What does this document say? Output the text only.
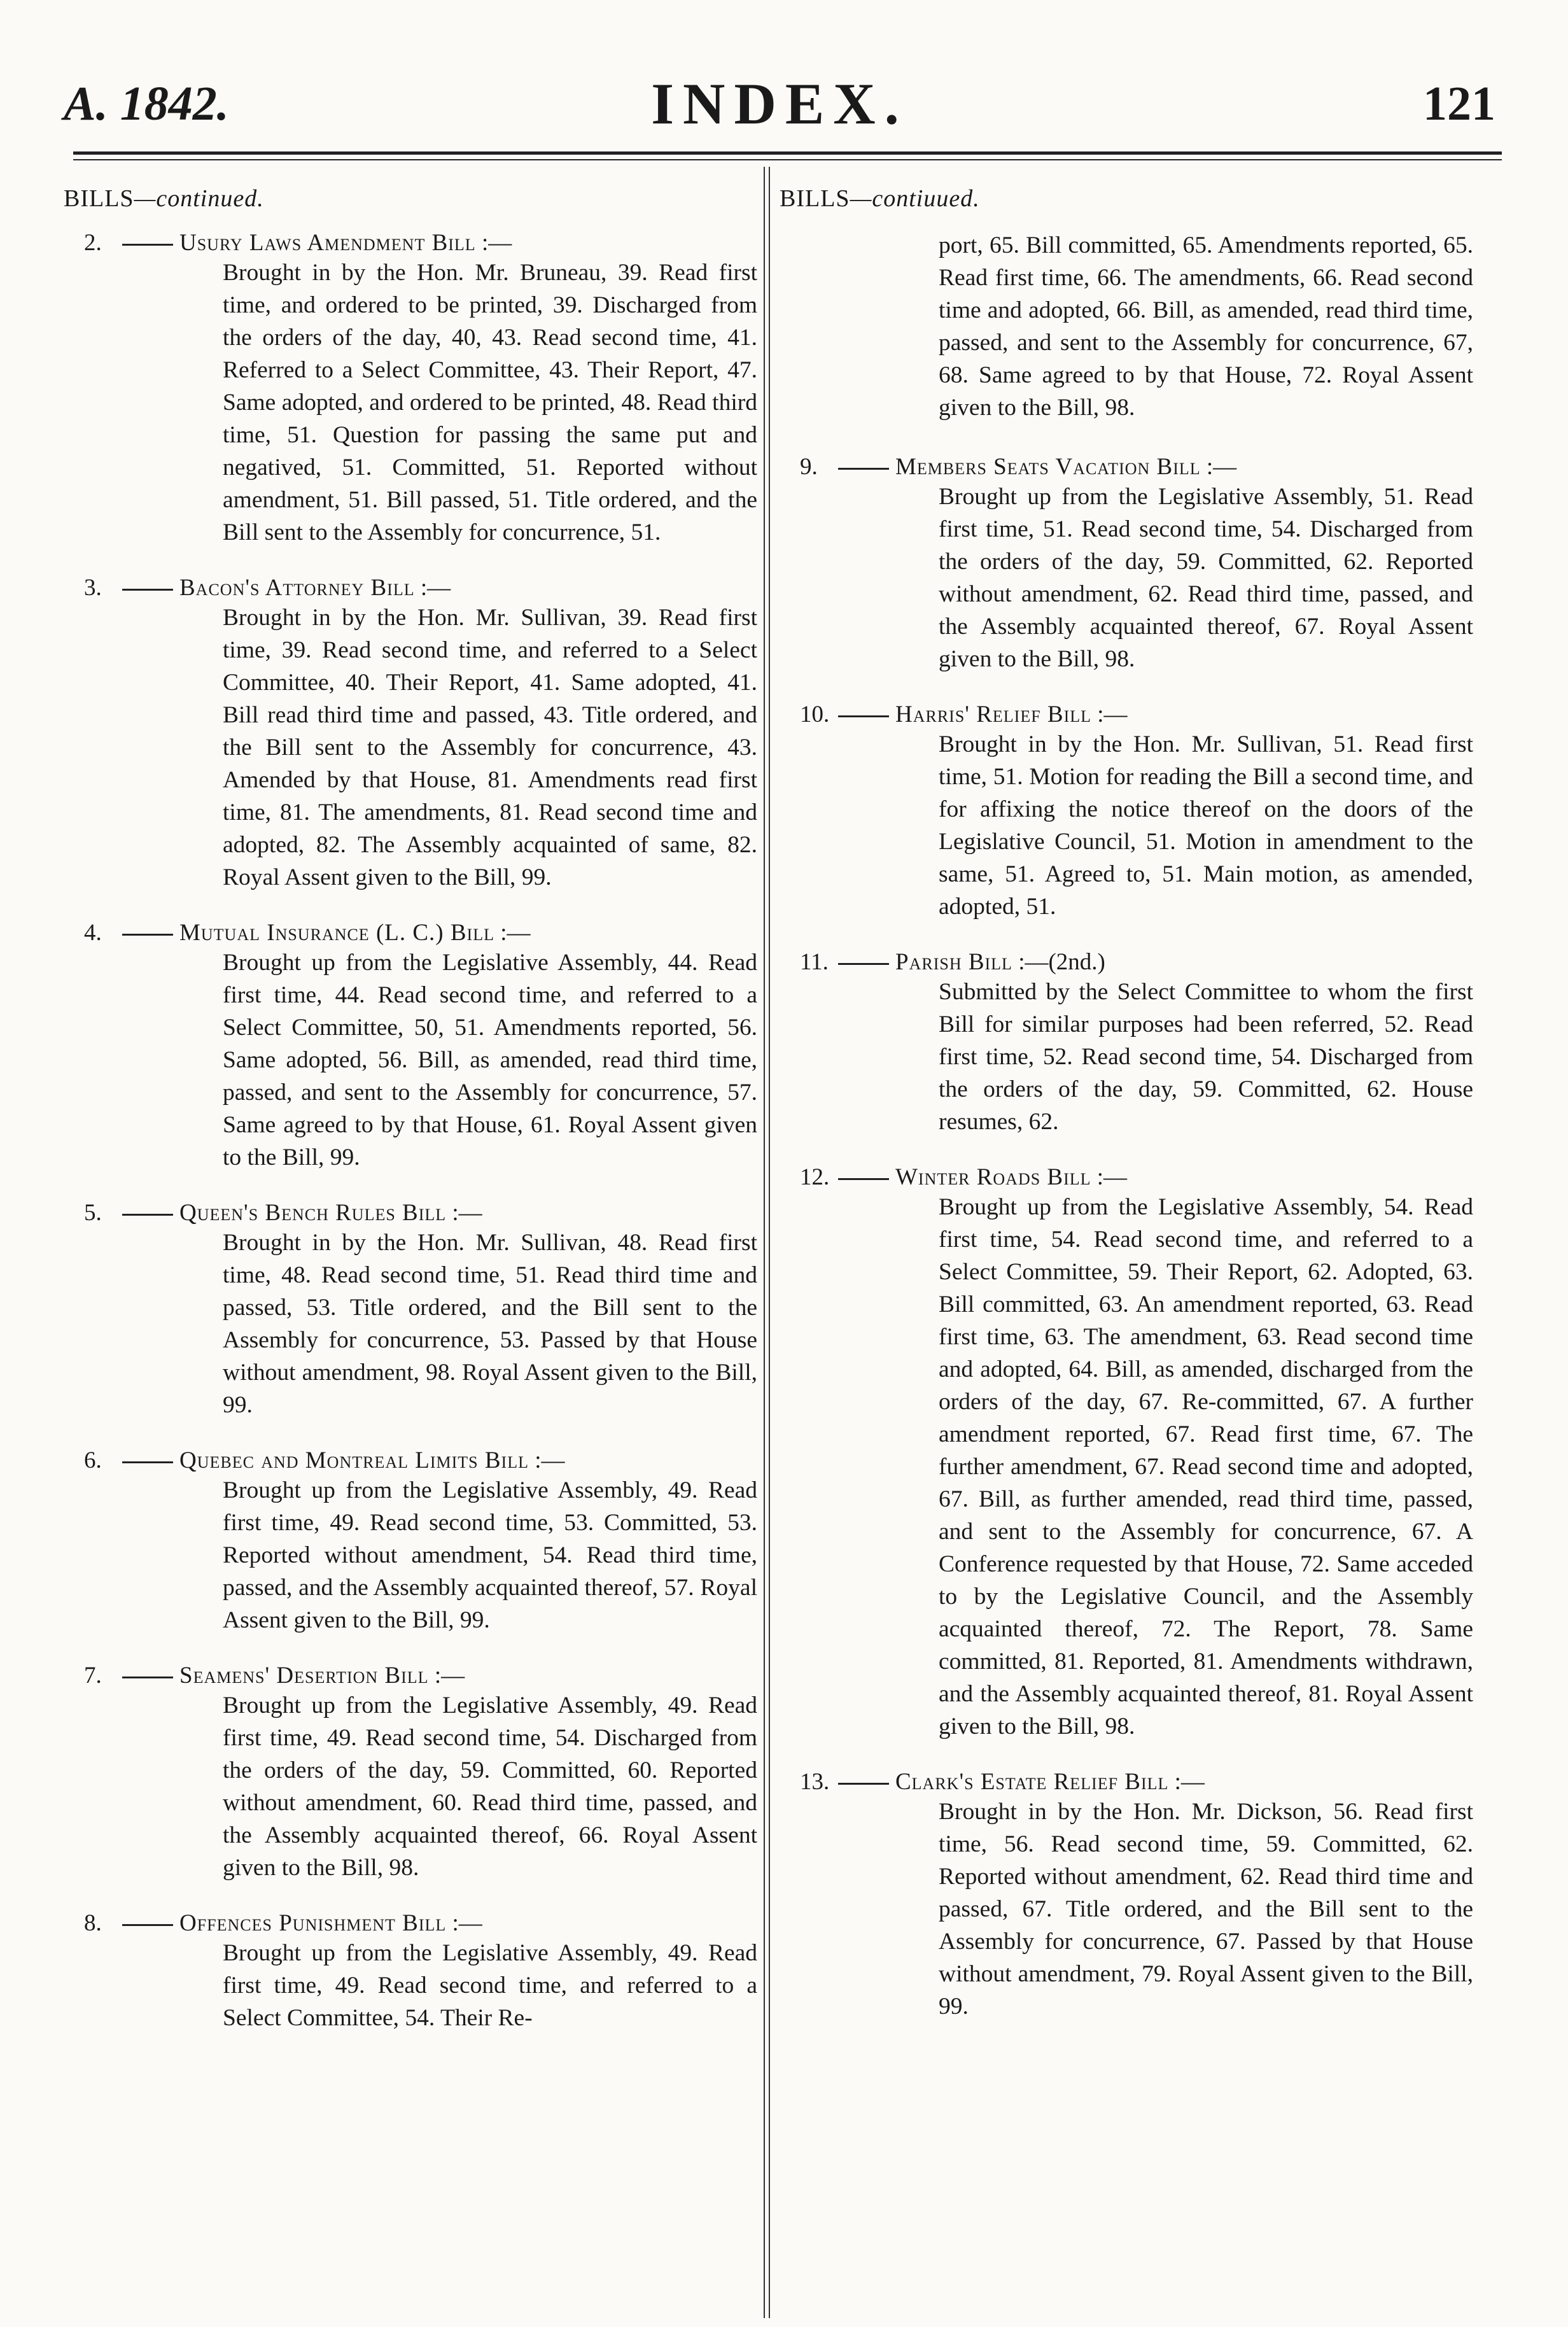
A. 1842.	INDEX.	121
BILLS—continued.
2.	Usury Laws Amendment Bill :—
Brought in by the Hon. Mr. Bruneau, 39. Read first time, and ordered to be printed, 39. Discharged from the orders of the day, 40, 43. Read second time, 41. Referred to a Select Committee, 43. Their Report, 47. Same adopted, and ordered to be printed, 48. Read third time, 51. Question for passing the same put and negatived, 51. Committed, 51. Reported without amendment, 51. Bill passed, 51. Title ordered, and the Bill sent to the Assembly for concurrence, 51.
3.	Bacon's Attorney Bill :—
Brought in by the Hon. Mr. Sullivan, 39. Read first time, 39. Read second time, and referred to a Select Committee, 40. Their Report, 41. Same adopted, 41. Bill read third time and passed, 43. Title ordered, and the Bill sent to the Assembly for concurrence, 43. Amended by that House, 81. Amendments read first time, 81. The amendments, 81. Read second time and adopted, 82. The Assembly acquainted of same, 82. Royal Assent given to the Bill, 99.
4.	Mutual Insurance (L. C.) Bill :—
Brought up from the Legislative Assembly, 44. Read first time, 44. Read second time, and referred to a Select Committee, 50, 51. Amendments reported, 56. Same adopted, 56. Bill, as amended, read third time, passed, and sent to the Assembly for concurrence, 57. Same agreed to by that House, 61. Royal Assent given to the Bill, 99.
5.	Queen's Bench Rules Bill :—
Brought in by the Hon. Mr. Sullivan, 48. Read first time, 48. Read second time, 51. Read third time and passed, 53. Title ordered, and the Bill sent to the Assembly for concurrence, 53. Passed by that House without amendment, 98. Royal Assent given to the Bill, 99.
6.	Quebec and Montreal Limits Bill :—
Brought up from the Legislative Assembly, 49. Read first time, 49. Read second time, 53. Committed, 53. Reported without amendment, 54. Read third time, passed, and the Assembly acquainted thereof, 57. Royal Assent given to the Bill, 99.
7.	Seamens' Desertion Bill :—
Brought up from the Legislative Assembly, 49. Read first time, 49. Read second time, 54. Discharged from the orders of the day, 59. Committed, 60. Reported without amendment, 60. Read third time, passed, and the Assembly acquainted thereof, 66. Royal Assent given to the Bill, 98.
8.	Offences Punishment Bill :—
Brought up from the Legislative Assembly, 49. Read first time, 49. Read second time, and referred to a Select Committee, 54. Their Re-
BILLS—contiuued.
port, 65. Bill committed, 65. Amendments reported, 65. Read first time, 66. The amendments, 66. Read second time and adopted, 66. Bill, as amended, read third time, passed, and sent to the Assembly for concurrence, 67, 68. Same agreed to by that House, 72. Royal Assent given to the Bill, 98.
9.	Members Seats Vacation Bill :—
Brought up from the Legislative Assembly, 51. Read first time, 51. Read second time, 54. Discharged from the orders of the day, 59. Committed, 62. Reported without amendment, 62. Read third time, passed, and the Assembly acquainted thereof, 67. Royal Assent given to the Bill, 98.
10.	Harris' Relief Bill :—
Brought in by the Hon. Mr. Sullivan, 51. Read first time, 51. Motion for reading the Bill a second time, and for affixing the notice thereof on the doors of the Legislative Council, 51. Motion in amendment to the same, 51. Agreed to, 51. Main motion, as amended, adopted, 51.
11.	Parish Bill :—(2nd.)
Submitted by the Select Committee to whom the first Bill for similar purposes had been referred, 52. Read first time, 52. Read second time, 54. Discharged from the orders of the day, 59. Committed, 62. House resumes, 62.
12.	Winter Roads Bill :—
Brought up from the Legislative Assembly, 54. Read first time, 54. Read second time, and referred to a Select Committee, 59. Their Report, 62. Adopted, 63. Bill committed, 63. An amendment reported, 63. Read first time, 63. The amendment, 63. Read second time and adopted, 64. Bill, as amended, discharged from the orders of the day, 67. Re-committed, 67. A further amendment reported, 67. Read first time, 67. The further amendment, 67. Read second time and adopted, 67. Bill, as further amended, read third time, passed, and sent to the Assembly for concurrence, 67. A Conference requested by that House, 72. Same acceded to by the Legislative Council, and the Assembly acquainted thereof, 72. The Report, 78. Same committed, 81. Reported, 81. Amendments withdrawn, and the Assembly acquainted thereof, 81. Royal Assent given to the Bill, 98.
13.	Clark's Estate Relief Bill :—
Brought in by the Hon. Mr. Dickson, 56. Read first time, 56. Read second time, 59. Committed, 62. Reported without amendment, 62. Read third time and passed, 67. Title ordered, and the Bill sent to the Assembly for concurrence, 67. Passed by that House without amendment, 79. Royal Assent given to the Bill, 99.
